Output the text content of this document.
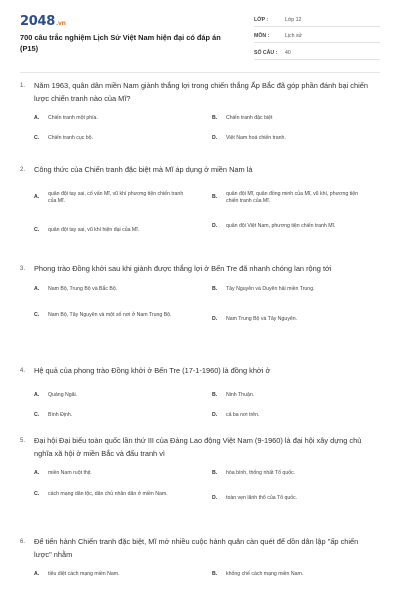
2048.vn
700 câu trắc nghiệm Lịch Sử Việt Nam hiện đại có đáp án (P15)
LỚP :	Lớp 12
MÔN :	Lịch sử
SỐ CÂU :	40
1.	Năm 1963, quân dân miền Nam giành thắng lợi trong chiến thắng Ấp Bắc đã góp phần đánh bại chiến lược chiến tranh nào của Mĩ?
A.	Chiến tranh một phía.	B.	Chiến tranh đặc biệt
C.	Chiến tranh cục bộ.	D.	Việt Nam hoá chiến tranh.
2.	Công thức của Chiến tranh đặc biệt mà Mĩ áp dụng ở miền Nam là
A.
quân đội tay sai, cố vấn Mĩ, vũ khí phương tiện chiến tranh của Mĩ.
B.
quân đội Mĩ, quân đồng minh của Mĩ, vũ khí, phương tiện chiến tranh của Mĩ.
C.	quân đội tay sai, vũ khí hiện đại của Mĩ.
D.	quân đội Việt Nam, phương tiện chiến tranh Mĩ.
3.	Phong trào Đồng khởi sau khi giành được thắng lợi ở Bến Tre đã nhanh chóng lan rộng tới
A.	Nam Bộ, Trung Bộ và Bắc Bộ.	B.	Tây Nguyên và Duyên hải miền Trung.
C.	Nam Bộ, Tây Nguyên và một số nơi ở Nam Trung Bộ.
D.	Nam Trung Bộ và Tây Nguyên.
4.	Hệ quả của phong trào Đồng khởi ở Bến Tre (17-1-1960) là đồng khởi ở
A.	Quảng Ngãi.	B.	Ninh Thuận.
C.	Bình Định.	D.	cả ba nơi trên.
5.	Đại hội Đại biểu toàn quốc lần thứ III của Đảng Lao động Việt Nam (9-1960) là đại hội xây dựng chủ nghĩa xã hội ở miền Bắc và đấu tranh vì
A.	miền Nam ruột thịt.	B.	hòa bình, thống nhất Tổ quốc.
C.	cách mạng dân tộc, dân chủ nhân dân ở miền Nam.
D.	toàn vẹn lãnh thổ của Tổ quốc.
6.	Để tiến hành Chiến tranh đặc biệt, Mĩ mở nhiều cuộc hành quân càn quét để dồn dân lập "ấp chiến lược" nhằm
A.	tiêu diệt cách mạng miền Nam.	B.	khống chế cách mạng miền Nam.
